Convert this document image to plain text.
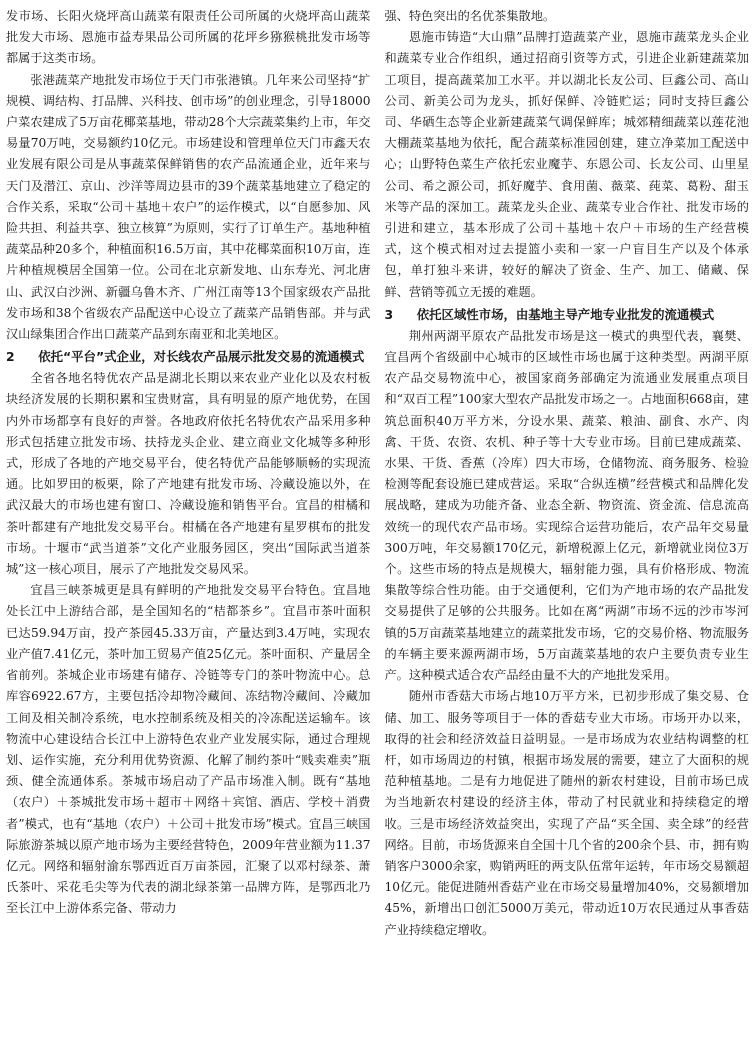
发市场、长阳火烧坪高山蔬菜有限责任公司所属的火烧坪高山蔬菜批发大市场、恩施市益寿果品公司所属的花坪乡猕猴桃批发市场等都属于这类市场。

张港蔬菜产地批发市场位于天门市张港镇。几年来公司坚持“扩规模、调结构、打品牌、兴科技、创市场”的创业理念，引导18000户菜农建成了5万亩花椰菜基地，带动28个大宗蔬菜集约上市，年交易量70万吨，交易额约10亿元。市场建设和管理单位天门市鑫天农业发展有限公司是从事蔬菜保鲜销售的农产品流通企业，近年来与天门及潜江、京山、沙洋等周边县市的39个蔬菜基地建立了稳定的合作关系，采取“公司＋基地＋农户”的运作模式，以“自愿参加、风险共担、利益共享、独立核算”为原则，实行了订单生产。基地种植蔬菜品种20多个，种植面积16.5万亩，其中花椰菜面积10万亩，连片种植规模居全国第一位。公司在北京新发地、山东寿光、河北唐山、武汉白沙洲、新疆乌鲁木齐、广州江南等13个国家级农产品批发市场和38个省级农产品配送中心设立了蔬菜产品销售部。并与武汉山绿集团合作出口蔬菜产品到东南亚和北美地区。

2 依托“平台”式企业，对长线农产品展示批发交易的流通模式

全省各地名特优农产品是湖北长期以来农业产业化以及农村板块经济发展的长期积累和宝贵财富，具有明显的原产地优势，在国内外市场都享有良好的声誉。各地政府依托名特优农产品采用多种形式包括建立批发市场、扶持龙头企业、建立商业文化城等多种形式，形成了各地的产地交易平台，使名特优产品能够顺畅的实现流通。比如罗田的板栗，除了产地建有批发市场、冷藏设施以外，在武汉最大的市场也建有窗口、冷藏设施和销售平台。宜昌的柑橘和茶叶都建有产地批发交易平台。柑橘在各产地建有星罗棋布的批发市场。十堰市“武当道茶”文化产业服务园区，突出“国际武当道茶城”这一核心项目，展示了产地批发交易风采。

宜昌三峡茶城更是具有鲜明的产地批发交易平台特色。宜昌地处长江中上游结合部，是全国知名的“桔都茶乡”。宜昌市茶叶面积已达59.94万亩，投产茶园45.33万亩，产量达到3.4万吨，实现农业产值7.41亿元，茶叶加工贸易产值25亿元。茶叶面积、产量居全省前列。茶城企业市场建有储存、冷链等专门的茶叶物流中心。总库容6922.67方，主要包括冷却物冷藏间、冻结物冷藏间、冷藏加工间及相关制冷系统，电水控制系统及相关的冷冻配送运输车。该物流中心建设结合长江中上游特色农业产业发展实际，通过合理规划、运作实施，充分利用优势资源、化解了制约茶叶“贱卖难卖”瓶颈、健全流通体系。茶城市场启动了产品市场准入制。既有“基地（农户）＋茶城批发市场＋超市＋网络＋宾馆、酒店、学校＋消费者”模式，也有“基地（农户）＋公司＋批发市场”模式。宜昌三峡国际旅游茶城以原产地市场为主要经营特色，2009年营业额为11.37亿元。网络和辐射渝东鄂西近百万亩茶园，汇聚了以邓村绿茶、萧氏茶叶、采花毛尖等为代表的湖北绿茶第一品牌方阵，是鄂西北乃至长江中上游体系完备、带动力

强、特色突出的名优茶集散地。

恩施市铸造“大山鼎”品牌打造蔬菜产业，恩施市蔬菜龙头企业和蔬菜专业合作组织，通过招商引资等方式，引进企业新建蔬菜加工项目，提高蔬菜加工水平。并以湖北长友公司、巨鑫公司、高山公司、新美公司为龙头，抓好保鲜、冷链贮运；同时支持巨鑫公司、华硒生态等企业新建蔬菜气调保鲜库；城郊精细蔬菜以莲花池大棚蔬菜基地为依托，配合蔬菜标准园创建，建立净菜加工配送中心；山野特色菜生产依托宏业魔芋、东恩公司、长友公司、山里星公司、希之源公司，抓好魔芋、食用菌、薇菜、莼菜、葛粉、甜玉米等产品的深加工。蔬菜龙头企业、蔬菜专业合作社、批发市场的引进和建立，基本形成了公司＋基地＋农户＋市场的生产经营模式，这个模式相对过去提篮小卖和一家一户盲目生产以及个体承包，单打独斗来讲，较好的解决了资金、生产、加工、储藏、保鲜、营销等孤立无援的难题。

3 依托区域性市场，由基地主导产地专业批发的流通模式

荆州两湖平原农产品批发市场是这一模式的典型代表，襄樊、宜昌两个省级副中心城市的区域性市场也属于这种类型。两湖平原农产品交易物流中心，被国家商务部确定为流通业发展重点项目和“双百工程”100家大型农产品批发市场之一。占地面积668亩，建筑总面积40万平方米，分设水果、蔬菜、粮油、副食、水产、肉禽、干货、农资、农机、种子等十大专业市场。目前已建成蔬菜、水果、干货、香蕉（冷库）四大市场，仓储物流、商务服务、检验检测等配套设施已建成营运。采取“合纵连横”经营模式和品牌化发展战略，建成为功能齐备、业态全新、物资流、资金流、信息流高效统一的现代农产品市场。实现综合运营功能后，农产品年交易量300万吨，年交易额170亿元，新增税源上亿元，新增就业岗位3万个。这些市场的特点是规模大，辐射能力强，具有价格形成、物流集散等综合性功能。由于交通便利，它们为产地市场的农产品批发交易提供了足够的公共服务。比如在离“两湖”市场不远的沙市岑河镇的5万亩蔬菜基地建立的蔬菜批发市场，它的交易价格、物流服务的车辆主要来源两湖市场，5万亩蔬菜基地的农户主要负责专业生产。这种模式适合农产品经由量不大的产地批发采用。

随州市香菇大市场占地10万平方米，已初步形成了集交易、仓储、加工、服务等项目于一体的香菇专业大市场。市场开办以来，取得的社会和经济效益日益明显。一是市场成为农业结构调整的杠杆，如市场周边的村镇，根据市场发展的需要，建立了大面积的规范种植基地。二是有力地促进了随州的新农村建设，目前市场已成为当地新农村建设的经济主体，带动了村民就业和持续稳定的增收。三是市场经济效益突出，实现了产品“买全国、卖全球”的经营网络。目前，市场货源来自全国十几个省的200余个县、市，拥有购销客户3000余家，购销两旺的两支队伍常年运转，年市场交易额超10亿元。能促进随州香菇产业在市场交易量增加40%，交易额增加45%，新增出口创汇5000万美元，带动近10万农民通过从事香菇产业持续稳定增收。
